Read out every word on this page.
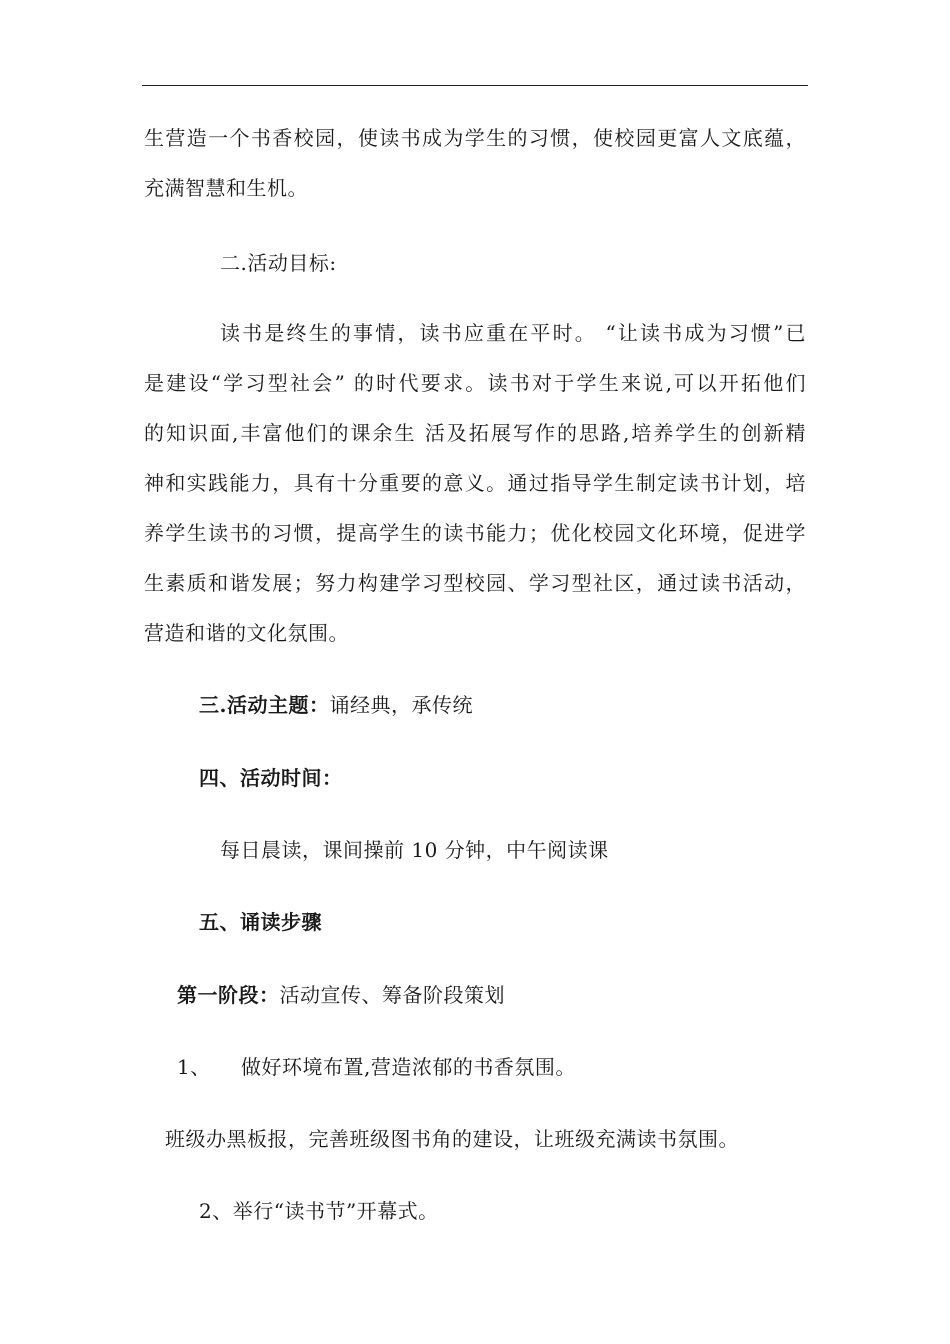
生营造一个书香校园，使读书成为学生的习惯，使校园更富人文底蕴，
充满智慧和生机。
二.活动目标:
读书是终生的事情，读书应重在平时。 “让读书成为习惯”已
是建设“学习型社会” 的时代要求。读书对于学生来说,可以开拓他们
的知识面,丰富他们的课余生 活及拓展写作的思路,培养学生的创新精
神和实践能力，具有十分重要的意义。通过指导学生制定读书计划，培
养学生读书的习惯，提高学生的读书能力；优化校园文化环境，促进学
生素质和谐发展；努力构建学习型校园、学习型社区，通过读书活动，
营造和谐的文化氛围。
三.活动主题：诵经典，承传统
四、活动时间：
每日晨读，课间操前 10 分钟，中午阅读课
五、诵读步骤
第一阶段：活动宣传、筹备阶段策划
1、 做好环境布置,营造浓郁的书香氛围。
班级办黑板报，完善班级图书角的建设，让班级充满读书氛围。
2、举行“读书节”开幕式。
